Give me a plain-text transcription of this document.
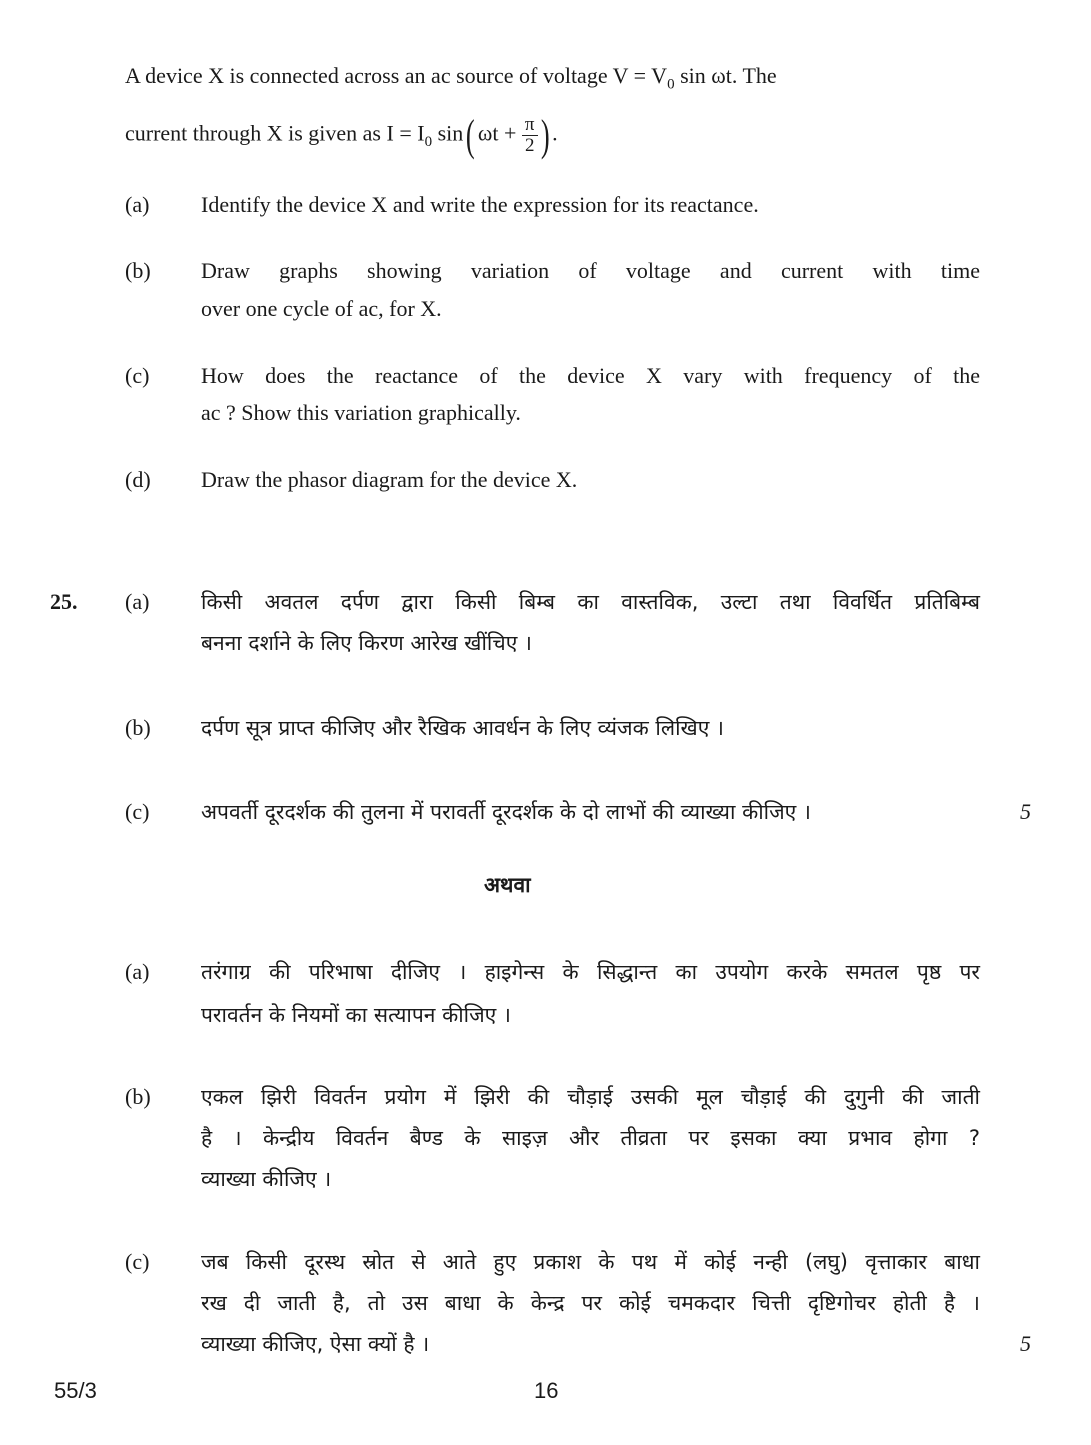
A device X is connected across an ac source of voltage $V = V_0$ sin ωt. The
current through X is given as $I = I_0$ sin( $\omega t + \frac{\pi}{2}$ ) .
(a) Identify the device X and write the expression for its reactance.
(b) Draw graphs showing variation of voltage and current with time
over one cycle of ac, for X.
(c) How does the reactance of the device X vary with frequency of the
ac ? Show this variation graphically.
(d) Draw the phasor diagram for the device X.
25. (a) किसी अवतल दर्पण द्वारा किसी बिम्ब का वास्तविक, उल्टा तथा विवर्धित प्रतिबिम्ब
बनना दर्शाने के लिए किरण आरेख खींचिए ।
(b) दर्पण सूत्र प्राप्त कीजिए और रैखिक आवर्धन के लिए व्यंजक लिखिए ।
(c) अपवर्ती दूरदर्शक की तुलना में परावर्ती दूरदर्शक के दो लाभों की व्याख्या कीजिए ।	5
अथवा
(a) तरंगाग्र की परिभाषा दीजिए । हाइगेन्स के सिद्धान्त का उपयोग करके समतल पृष्ठ पर
परावर्तन के नियमों का सत्यापन कीजिए ।
(b) एकल झिरी विवर्तन प्रयोग में झिरी की चौड़ाई उसकी मूल चौड़ाई की दुगुनी की जाती
है । केन्द्रीय विवर्तन बैण्ड के साइज़ और तीव्रता पर इसका क्या प्रभाव होगा ?
व्याख्या कीजिए ।
(c) जब किसी दूरस्थ स्रोत से आते हुए प्रकाश के पथ में कोई नन्ही (लघु) वृत्ताकार बाधा
रख दी जाती है, तो उस बाधा के केन्द्र पर कोई चमकदार चित्ती दृष्टिगोचर होती है ।
व्याख्या कीजिए, ऐसा क्यों है ।	5
55/3	16
